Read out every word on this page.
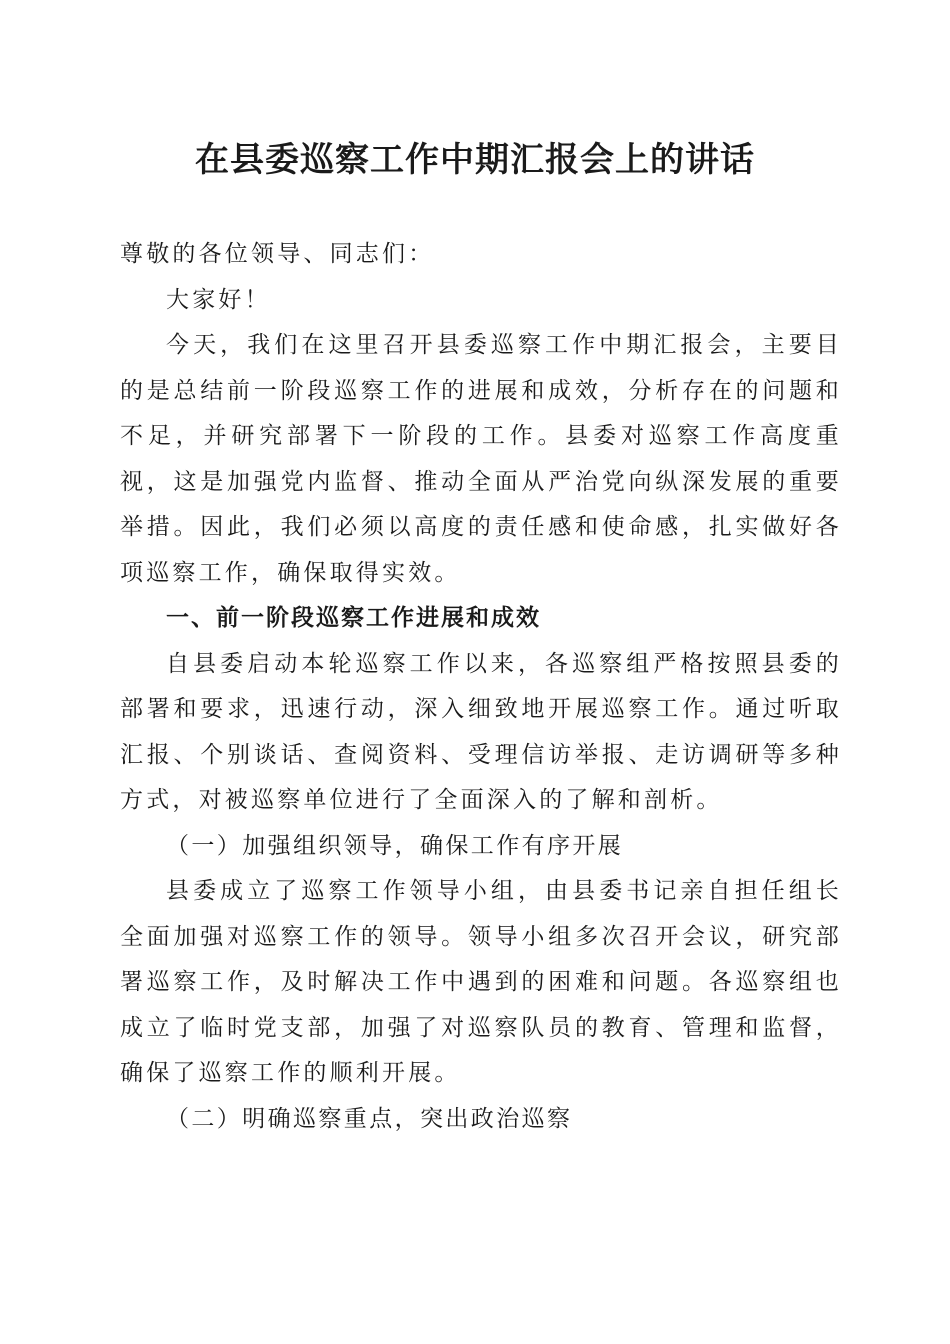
在县委巡察工作中期汇报会上的讲话

尊敬的各位领导、同志们：

大家好！

今天，我们在这里召开县委巡察工作中期汇报会，主要目的是总结前一阶段巡察工作的进展和成效，分析存在的问题和不足，并研究部署下一阶段的工作。县委对巡察工作高度重视，这是加强党内监督、推动全面从严治党向纵深发展的重要举措。因此，我们必须以高度的责任感和使命感，扎实做好各项巡察工作，确保取得实效。

一、前一阶段巡察工作进展和成效

自县委启动本轮巡察工作以来，各巡察组严格按照县委的部署和要求，迅速行动，深入细致地开展巡察工作。通过听取汇报、个别谈话、查阅资料、受理信访举报、走访调研等多种方式，对被巡察单位进行了全面深入的了解和剖析。

（一）加强组织领导，确保工作有序开展

县委成立了巡察工作领导小组，由县委书记亲自担任组长全面加强对巡察工作的领导。领导小组多次召开会议，研究部署巡察工作，及时解决工作中遇到的困难和问题。各巡察组也成立了临时党支部，加强了对巡察队员的教育、管理和监督，确保了巡察工作的顺利开展。

（二）明确巡察重点，突出政治巡察
